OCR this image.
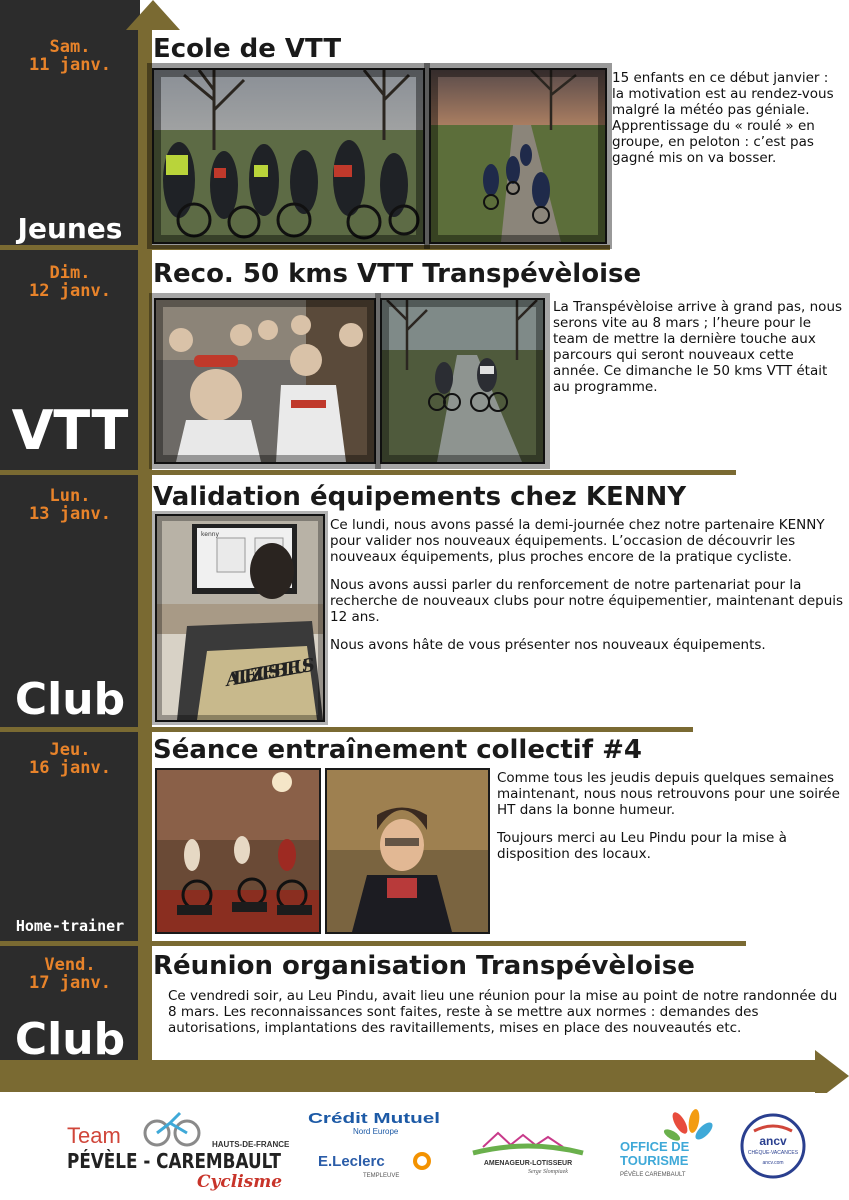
Sam.
11 janv.
Jeunes
Ecole de VTT

15 enfants en ce début janvier : la motivation est au rendez-vous malgré la météo pas géniale. Apprentissage du « roulé » en groupe, en peloton : c’est pas gagné mis on va bosser.

Dim.
12 janv.
VTT
Reco. 50 kms VTT Transpévèloise

La Transpévèloise arrive à grand pas, nous serons vite au 8 mars ; l’heure pour le team de mettre la dernière touche aux parcours qui seront nouveaux cette année. Ce dimanche le 50 kms VTT était au programme.

Lun.
13 janv.
Club
Validation équipements chez KENNY
kenny
ALLEZ LES BLEUS

Ce lundi, nous avons passé la demi-journée chez notre partenaire KENNY pour valider nos nouveaux équipements. L’occasion de découvrir les nouveaux équipements, plus proches encore de la pratique cycliste.

Nous avons aussi parler du renforcement de notre partenariat pour la recherche de nouveaux clubs pour notre équipementier, maintenant depuis 12 ans.

Nous avons hâte de vous présenter nos nouveaux équipements.

Jeu.
16 janv.
Home-trainer
Séance entraînement collectif #4

Comme tous les jeudis depuis quelques semaines maintenant, nous nous retrouvons pour une soirée HT dans la bonne humeur.

Toujours merci au Leu Pindu pour la mise à disposition des locaux.

Vend.
17 janv.
Club
Réunion organisation Transpévèloise

Ce vendredi soir, au Leu Pindu, avait lieu une réunion pour la mise au point de notre randonnée du 8 mars. Les reconnaissances sont faites, reste à se mettre aux normes : demandes des autorisations, implantations des ravitaillements, mises en place des nouveautés etc.

Team	HAUTS-DE-FRANCE
PÉVÈLE - CAREMBAULT
Cyclisme
Crédit Mutuel
Nord Europe
E.Leclerc
TEMPLEUVE
AMENAGEUR-LOTISSEUR
Serge Slompiaek
OFFICE DE
TOURISME
PÉVÈLE CAREMBAULT
ancv
CHÈQUE-VACANCES
ancv.com
